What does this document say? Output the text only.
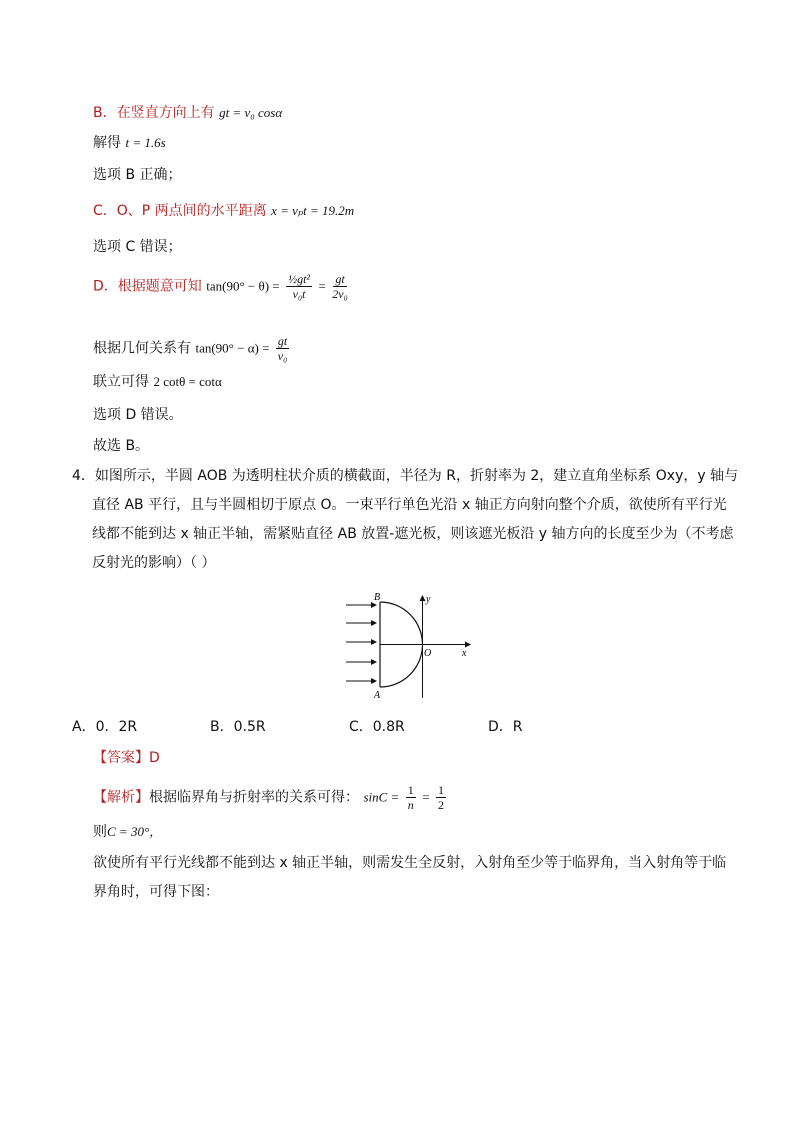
B．在竖直方向上有 gt = v₀ cosα
解得 t = 1.6s
选项 B 正确；
C．O、P 两点间的水平距离 x = vₚt = 19.2m
选项 C 错误；
D．根据题意可知 $\tan(90^\circ - \theta) = \frac{\text{½gt²}}{\text{v₀t}} = \frac{gt}{\text{2v₀}}$
根据几何关系有 $\tan(90^\circ - \alpha) = \frac{gt}{\text{v₀}}$
联立可得 2 cotθ = cotα
选项 D 错误。
故选 B。
4．如图所示，半圆 AOB 为透明柱状介质的横截面，半径为 R，折射率为 2，建立直角坐标系 Oxy，y 轴与
直径 AB 平行，且与半圆相切于原点 O。一束平行单色光沿 x 轴正方向射向整个介质，欲使所有平行光
线都不能到达 x 轴正半轴，需紧贴直径 AB 放置-遮光板，则该遮光板沿 y 轴方向的长度至少为（不考虑
反射光的影响）（ ）
B
A
O	x
y
A．0．2R	B．0.5R	C．0.8R	D．R
【答案】D
【解析】根据临界角与折射率的关系可得： $\sin C = \frac{1}{n} = \frac{1}{2}$
则C = 30°，
欲使所有平行光线都不能到达 x 轴正半轴，则需发生全反射，入射角至少等于临界角，当入射角等于临
界角时，可得下图：
